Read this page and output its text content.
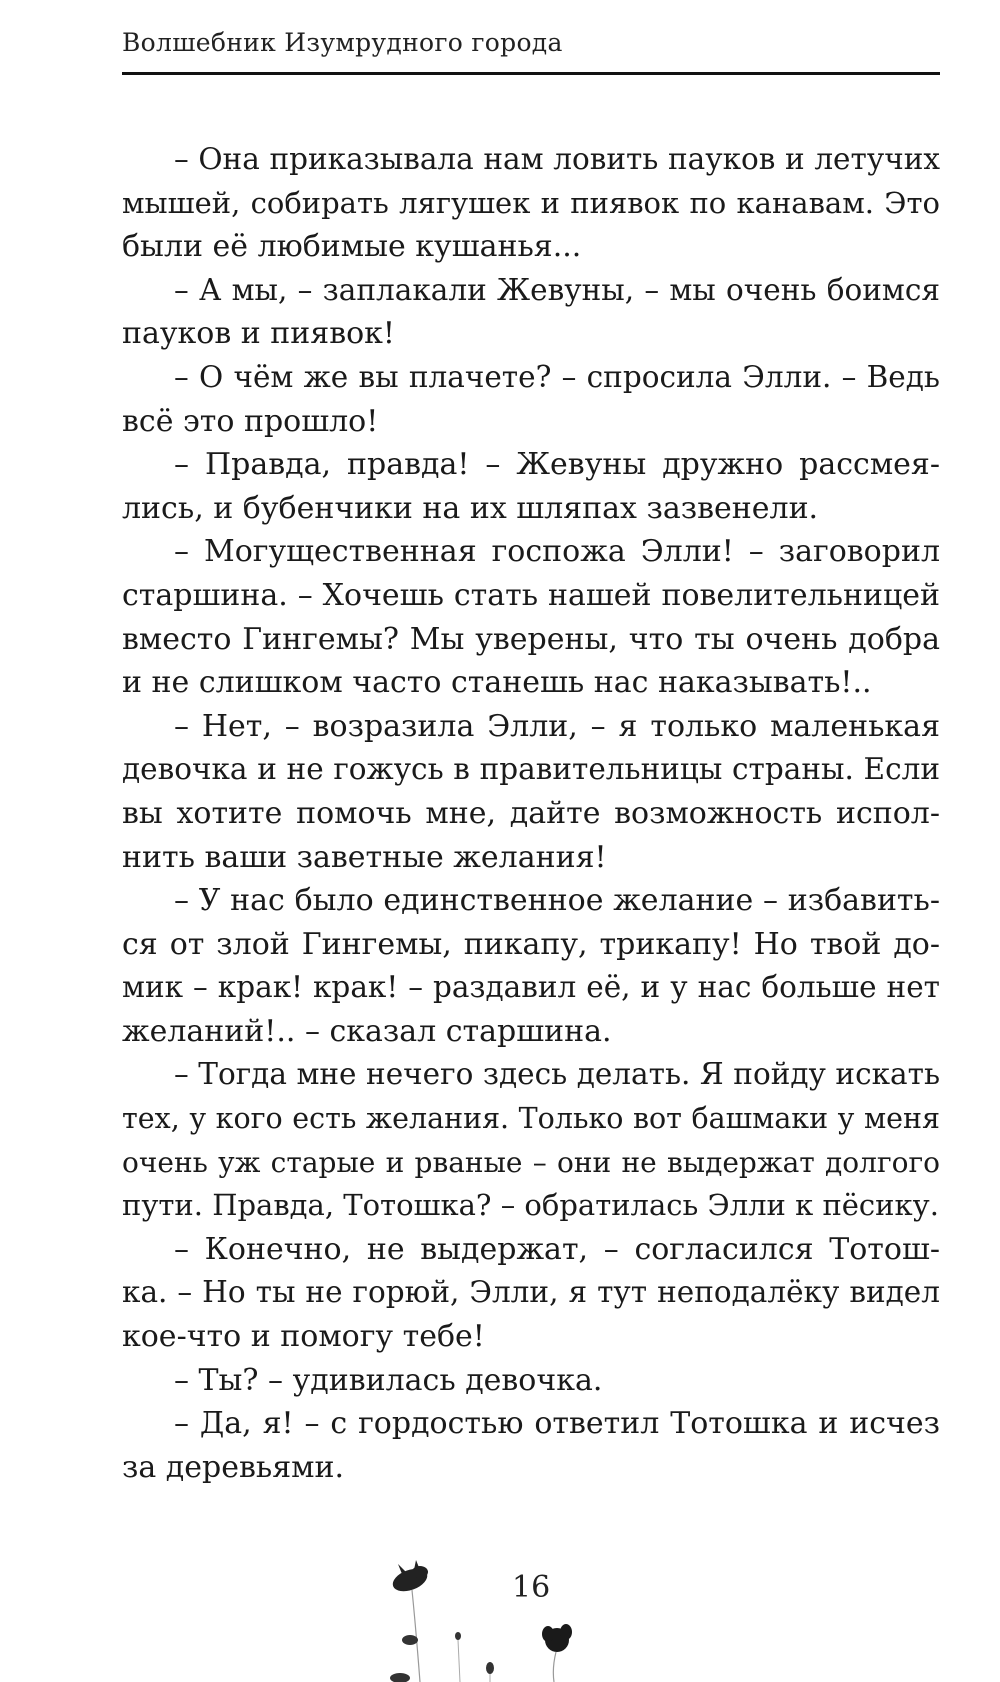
Волшебник Изумрудного города
– Она приказывала нам ловить пауков и летучих
мышей, собирать лягушек и пиявок по канавам. Это
были её любимые кушанья...
– А мы, – заплакали Жевуны, – мы очень боимся
пауков и пиявок!
– О чём же вы плачете? – спросила Элли. – Ведь
всё это прошло!
– Правда, правда! – Жевуны дружно рассмея-
лись, и бубенчики на их шляпах зазвенели.
– Могущественная госпожа Элли! – заговорил
старшина. – Хочешь стать нашей повелительницей
вместо Гингемы? Мы уверены, что ты очень добра
и не слишком часто станешь нас наказывать!..
– Нет, – возразила Элли, – я только маленькая
девочка и не гожусь в правительницы страны. Если
вы хотите помочь мне, дайте возможность испол-
нить ваши заветные желания!
– У нас было единственное желание – избавить-
ся от злой Гингемы, пикапу, трикапу! Но твой до-
мик – крак! крак! – раздавил её, и у нас больше нет
желаний!.. – сказал старшина.
– Тогда мне нечего здесь делать. Я пойду искать
тех, у кого есть желания. Только вот башмаки у меня
очень уж старые и рваные – они не выдержат долгого
пути. Правда, Тотошка? – обратилась Элли к пёсику.
– Конечно, не выдержат, – согласился Тотош-
ка. – Но ты не горюй, Элли, я тут неподалёку видел
кое-что и помогу тебе!
– Ты? – удивилась девочка.
– Да, я! – с гордостью ответил Тотошка и исчез
за деревьями.
16
